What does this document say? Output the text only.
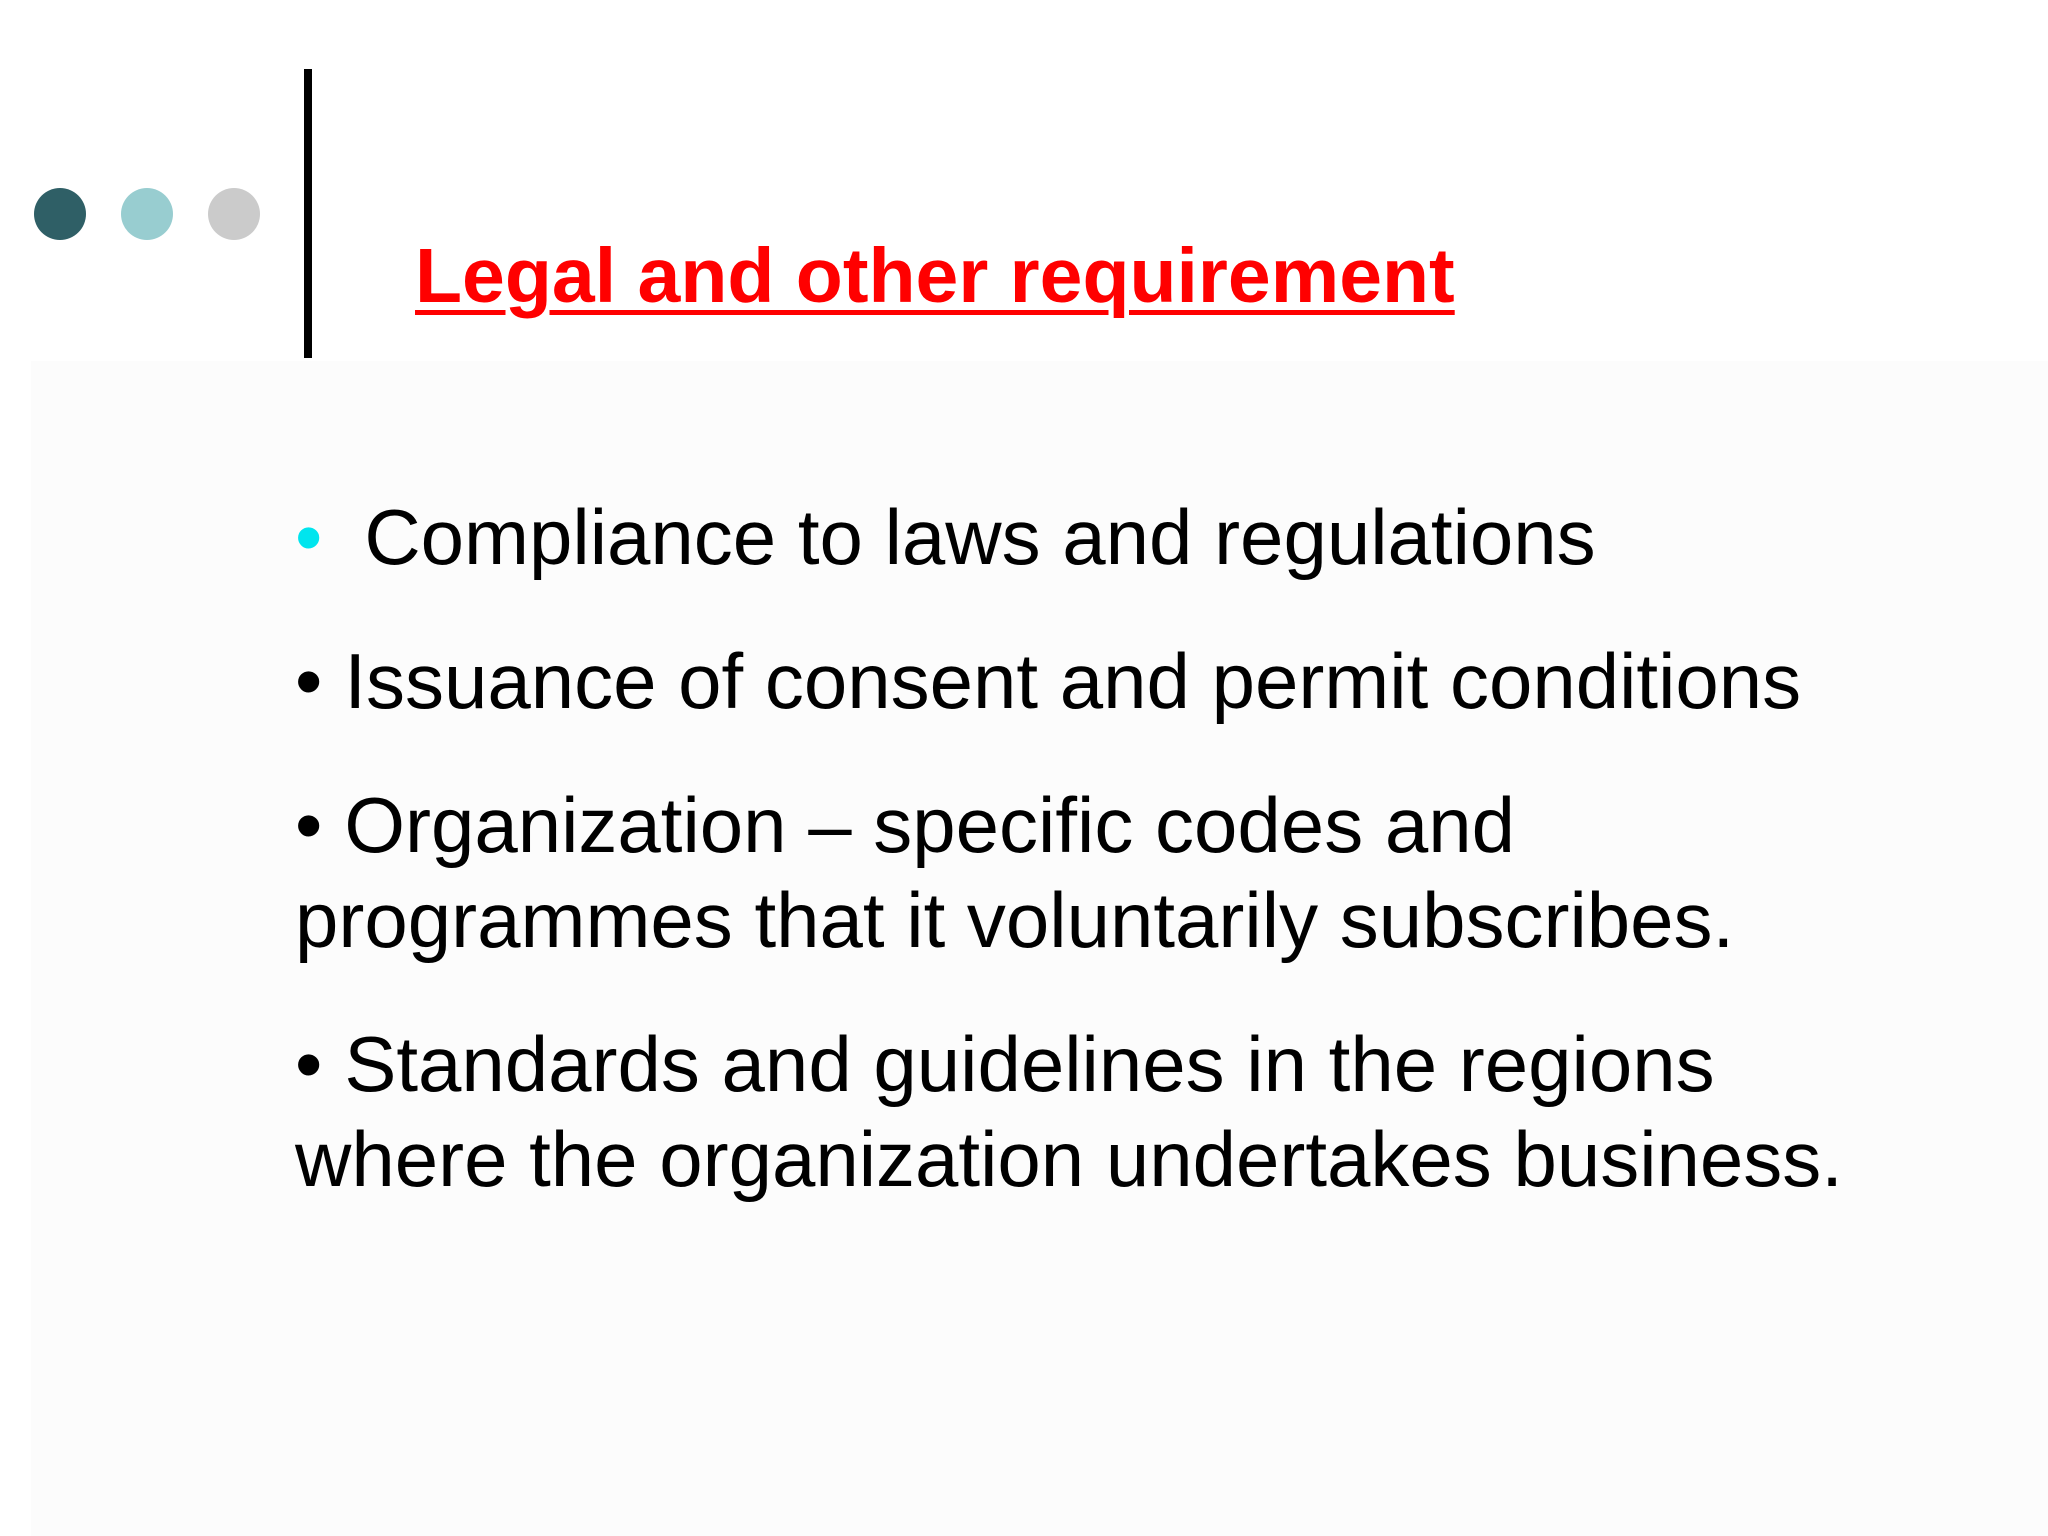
Legal and other requirement
• Compliance to laws and regulations
• Issuance of consent and permit conditions
• Organization – specific codes and
programmes that it voluntarily subscribes.
• Standards and guidelines in the regions
where the organization undertakes business.
